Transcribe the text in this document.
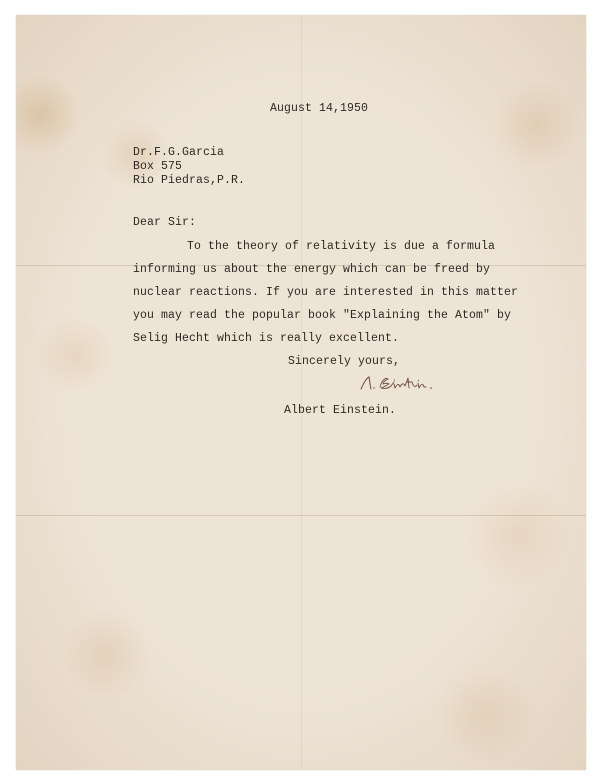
August 14,1950

Dr.F.G.Garcia

Box 575

Rio Piedras,P.R.

Dear Sir:

To the theory of relativity is due a formula

informing us about the energy which can be freed by

nuclear reactions. If you are interested in this matter

you may read the popular book "Explaining the Atom" by

Selig Hecht which is really excellent.

Sincerely yours,

Albert Einstein.
